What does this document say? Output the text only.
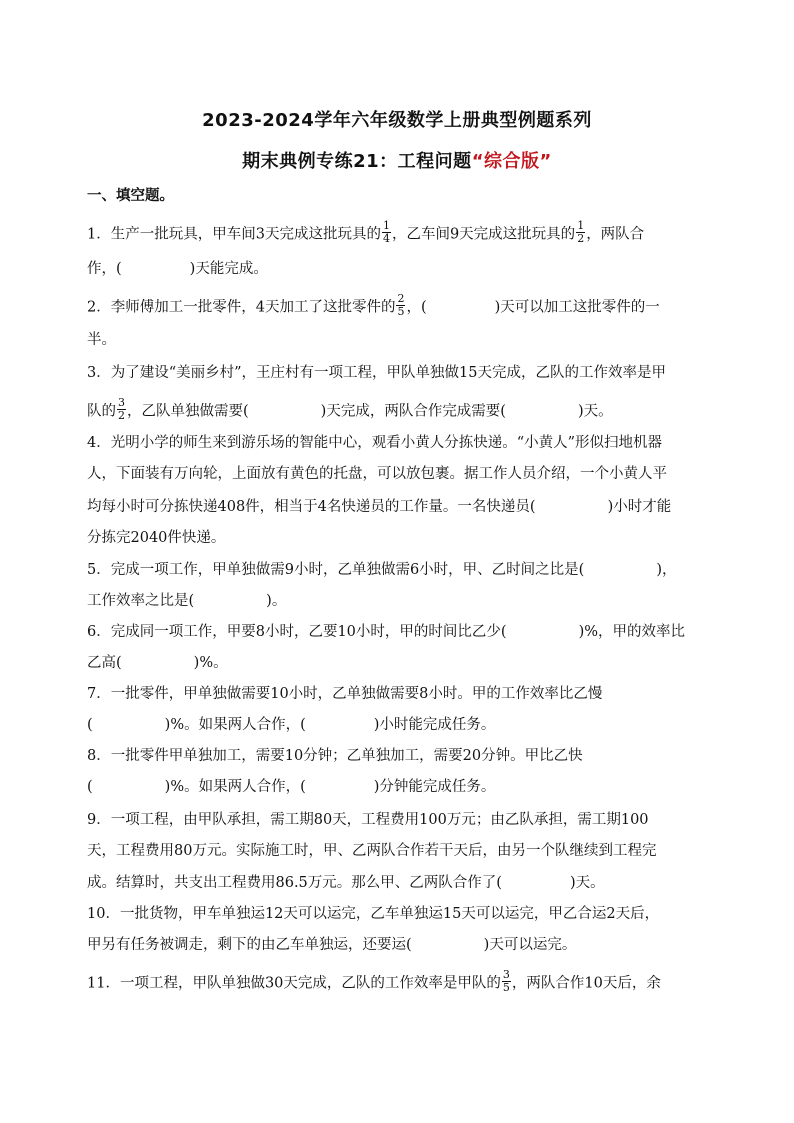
2023-2024学年六年级数学上册典型例题系列
期末典例专练21：工程问题“综合版”
一、填空题。
1．生产一批玩具，甲车间3天完成这批玩具的 $\frac{1}{4}$ ，乙车间9天完成这批玩具的 $\frac{1}{2}$ ，两队合
作，(	)天能完成。
2．李师傅加工一批零件，4天加工了这批零件的 $\frac{2}{5}$ ，(	)天可以加工这批零件的一
半。
3．为了建设“美丽乡村”，王庄村有一项工程，甲队单独做15天完成，乙队的工作效率是甲
队的 $\frac{3}{2}$ ，乙队单独做需要(	)天完成，两队合作完成需要(	)天。
4．光明小学的师生来到游乐场的智能中心，观看小黄人分拣快递。“小黄人”形似扫地机器
人，下面装有万向轮，上面放有黄色的托盘，可以放包裹。据工作人员介绍，一个小黄人平
均每小时可分拣快递408件，相当于4名快递员的工作量。一名快递员(	)小时才能
分拣完2040件快递。
5．完成一项工作，甲单独做需9小时，乙单独做需6小时，甲、乙时间之比是(	)，
工作效率之比是(	)。
6．完成同一项工作，甲要8小时，乙要10小时，甲的时间比乙少(	)%，甲的效率比
乙高(	)%。
7．一批零件，甲单独做需要10小时，乙单独做需要8小时。甲的工作效率比乙慢
(	)%。如果两人合作，(	)小时能完成任务。
8．一批零件甲单独加工，需要10分钟；乙单独加工，需要20分钟。甲比乙快
(	)%。如果两人合作，(	)分钟能完成任务。
9．一项工程，由甲队承担，需工期80天，工程费用100万元；由乙队承担，需工期100
天，工程费用80万元。实际施工时，甲、乙两队合作若干天后，由另一个队继续到工程完
成。结算时，共支出工程费用86.5万元。那么甲、乙两队合作了(	)天。
10．一批货物，甲车单独运12天可以运完，乙车单独运15天可以运完，甲乙合运2天后，
甲另有任务被调走，剩下的由乙车单独运，还要运(	)天可以运完。
11．一项工程，甲队单独做30天完成，乙队的工作效率是甲队的 $\frac{3}{5}$ ，两队合作10天后，余
